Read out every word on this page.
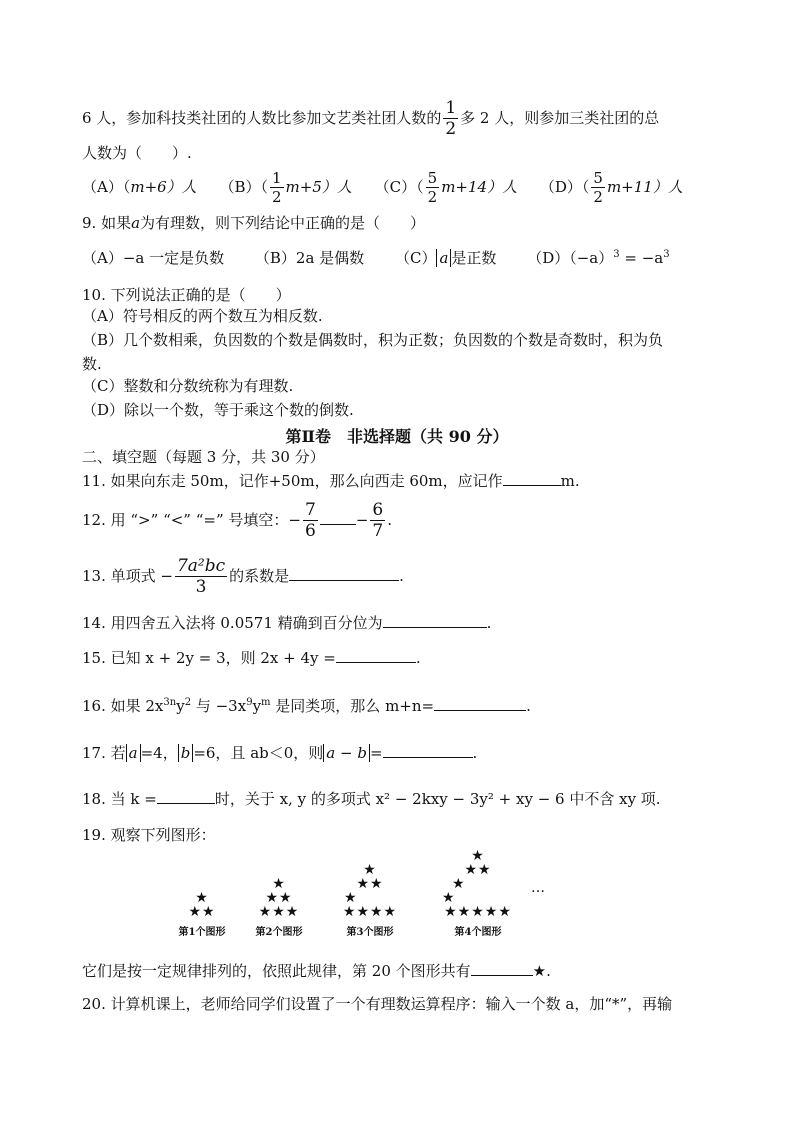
6 人，参加科技类社团的人数比参加文艺类社团人数的 $\frac{1}{2}$ 多 2 人，则参加三类社团的总
人数为（　　）.
（A）（m+6）人 $(B)( \frac{1}{2} m+5)$人 $(C)( \frac{5}{2} m+14)$人 $(D)( \frac{5}{2} m+11)$人
9. 如果a为有理数，则下列结论中正确的是（　　）
（A）−a 一定是负数 （B）2a 是偶数 （C） a 是正数 $(D)(-a)^3 = -a^3$
10. 下列说法正确的是（　　）
（A）符号相反的两个数互为相反数.
（B）几个数相乘，负因数的个数是偶数时，积为正数；负因数的个数是奇数时，积为负
数.
（C）整数和分数统称为有理数.
（D）除以一个数，等于乘这个数的倒数.
第Ⅱ卷　非选择题（共 90 分）
二、填空题（每题 3 分，共 30 分）
11. 如果向东走 50m，记作+50m，那么向西走 60m，应记作	m.
12. 用 “>” “<” “=” 号填空：− $\frac{7}{6}$	− $\frac{6}{7}$ .
13. 单项式 − $\frac{\text{7a²bc}}{3}$ 的系数是	.
14. 用四舍五入法将 0.0571 精确到百分位为	.
15. 已知 x + 2y = 3，则 2x + 4y =	.
16. 如果 $2x^{3n}y^2$ 与 $-3x^9y^m$ 是同类项，那么 m+n=	.
17. 若 a =4， b =6，且 ab＜0，则 a − b =	.
18. 当 k =	时，关于 x, y 的多项式 x² − 2kxy − 3y² + xy − 6 中不含 xy 项.
19. 观察下列图形：
★
★★
第1个图形
★
★★
★★★
第2个图形
★
★★
★
★★★★
第3个图形
★
★★
★
★
★★★★★
第4个图形
…
它们是按一定规律排列的，依照此规律，第 20 个图形共有	★.
20. 计算机课上，老师给同学们设置了一个有理数运算程序：输入一个数 a，加“*”，再输
